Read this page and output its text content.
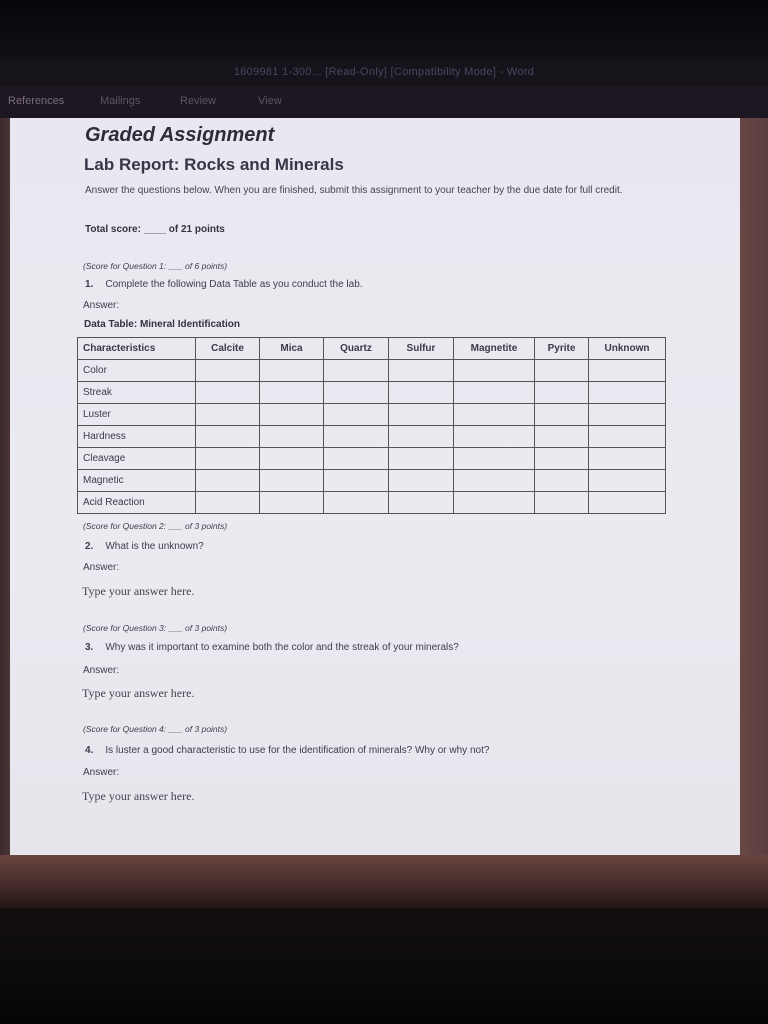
1609981 1-300... [Read-Only] [Compatibility Mode] - Word
References	Mailings	Review	View
Graded Assignment
Lab Report: Rocks and Minerals
Answer the questions below. When you are finished, submit this assignment to your teacher by the due date for full credit.
Total score: ____ of 21 points
(Score for Question 1: ___ of 6 points)
1. Complete the following Data Table as you conduct the lab.
Answer:
Data Table: Mineral Identification
Characteristics	Calcite	Mica	Quartz	Sulfur	Magnetite	Pyrite	Unknown
Color							
Streak							
Luster							
Hardness							
Cleavage							
Magnetic							
Acid Reaction							
(Score for Question 2: ___ of 3 points)
2. What is the unknown?
Answer:
Type your answer here.
(Score for Question 3: ___ of 3 points)
3. Why was it important to examine both the color and the streak of your minerals?
Answer:
Type your answer here.
(Score for Question 4: ___ of 3 points)
4. Is luster a good characteristic to use for the identification of minerals? Why or why not?
Answer:
Type your answer here.
